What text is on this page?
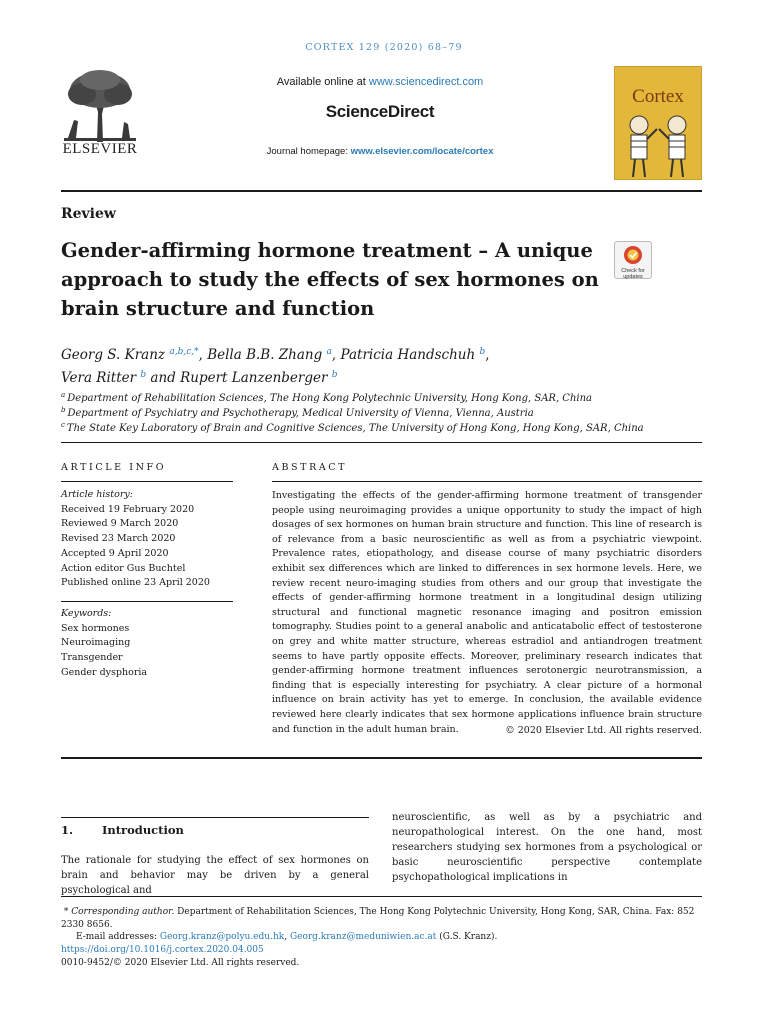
CORTEX 129 (2020) 68–79
ELSEVIER
Available online at www.sciencedirect.com
ScienceDirect
Journal homepage: www.elsevier.com/locate/cortex
Cortex
Review
Gender-affirming hormone treatment – A unique
approach to study the effects of sex hormones on
brain structure and function
Check for updates
Georg S. Kranz $^{a,b,c,*}$, Bella B.B. Zhang $^a$, Patricia Handschuh $^b$,
Vera Ritter $^b$ and Rupert Lanzenberger $^b$
$^a$ Department of Rehabilitation Sciences, The Hong Kong Polytechnic University, Hong Kong, SAR, China
$^b$ Department of Psychiatry and Psychotherapy, Medical University of Vienna, Vienna, Austria
$^c$ The State Key Laboratory of Brain and Cognitive Sciences, The University of Hong Kong, Hong Kong, SAR, China
ARTICLE INFO
Article history:
Received 19 February 2020
Reviewed 9 March 2020
Revised 23 March 2020
Accepted 9 April 2020
Action editor Gus Buchtel
Published online 23 April 2020
Keywords:
Sex hormones
Neuroimaging
Transgender
Gender dysphoria
ABSTRACT
Investigating the effects of the gender-affirming hormone treatment of transgender people using neuroimaging provides a unique opportunity to study the impact of high dosages of sex hormones on human brain structure and function. This line of research is of relevance from a basic neuroscientific as well as from a psychiatric viewpoint. Prevalence rates, etiopathology, and disease course of many psychiatric disorders exhibit sex differences which are linked to differences in sex hormone levels. Here, we review recent neuro-imaging studies from others and our group that investigate the effects of gender-affirming hormone treatment in a longitudinal design utilizing structural and functional magnetic resonance imaging and positron emission tomography. Studies point to a general anabolic and anticatabolic effect of testosterone on grey and white matter structure, whereas estradiol and antiandrogen treatment seems to have partly opposite effects. Moreover, preliminary research indicates that gender-affirming hormone treatment influences serotonergic neurotransmission, a finding that is especially interesting for psychiatry. A clear picture of a hormonal influence on brain activity has yet to emerge. In conclusion, the available evidence reviewed here clearly indicates that sex hormone applications influence brain structure and function in the adult human brain.	© 2020 Elsevier Ltd. All rights reserved.
1.	Introduction
The rationale for studying the effect of sex hormones on brain and behavior may be driven by a general psychological and
neuroscientific, as well as by a psychiatric and neuropathological interest. On the one hand, most researchers studying sex hormones from a psychological or basic neuroscientific perspective contemplate psychopathological implications in
* Corresponding author. Department of Rehabilitation Sciences, The Hong Kong Polytechnic University, Hong Kong, SAR, China. Fax: 852 2330 8656.
E-mail addresses: Georg.kranz@polyu.edu.hk, Georg.kranz@meduniwien.ac.at (G.S. Kranz).
https://doi.org/10.1016/j.cortex.2020.04.005
0010-9452/© 2020 Elsevier Ltd. All rights reserved.
